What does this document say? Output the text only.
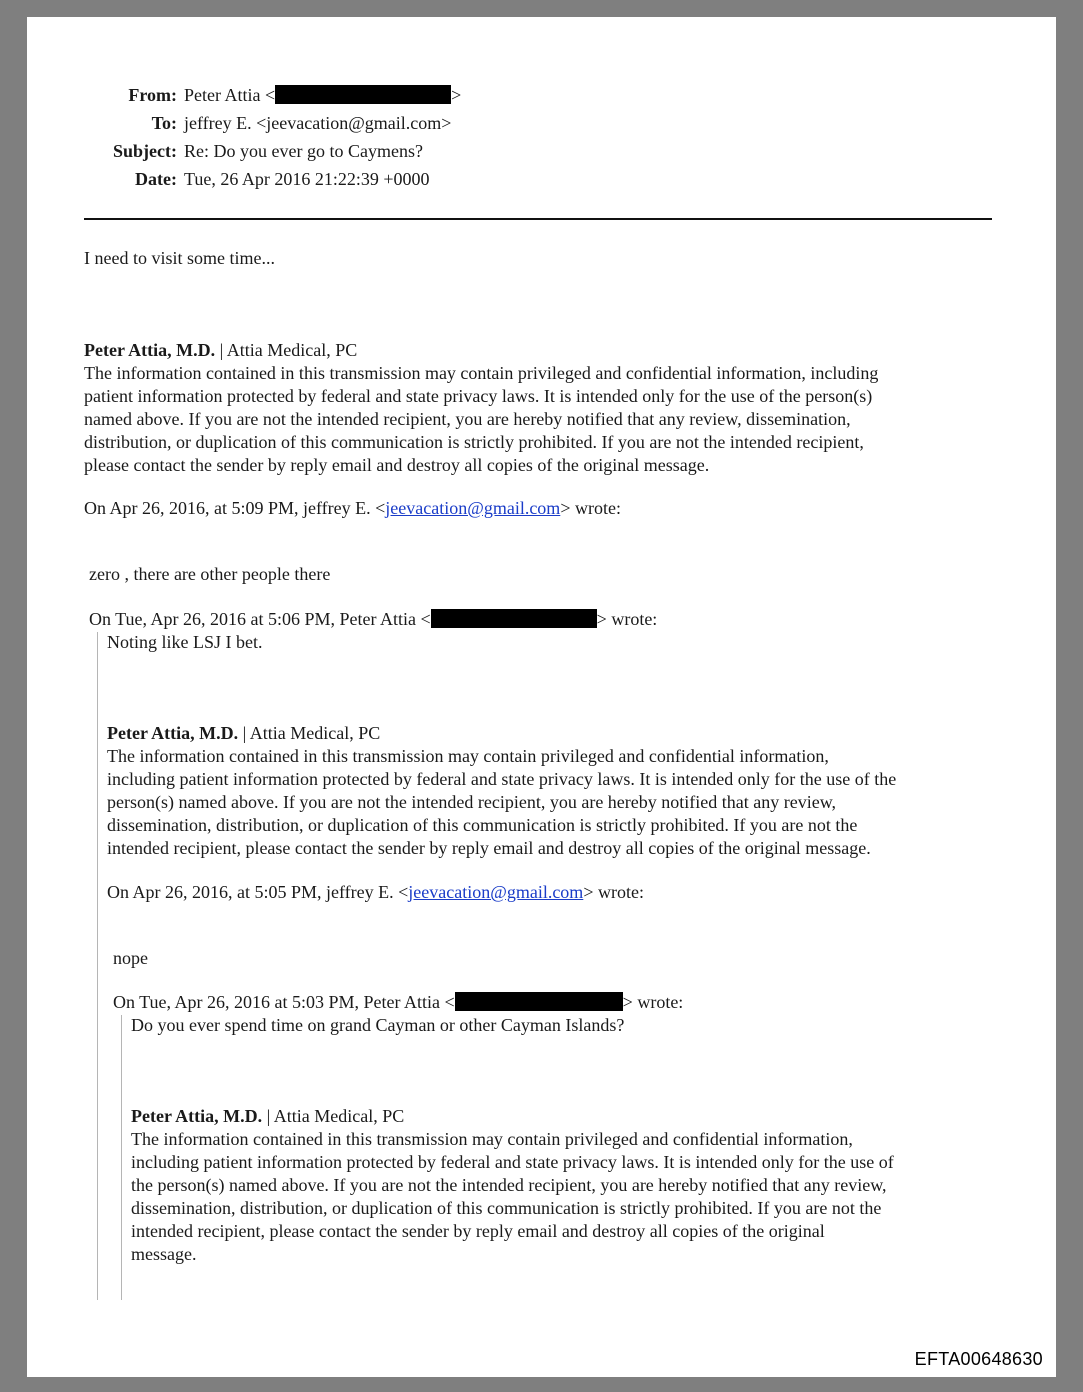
From: Peter Attia <	>
To: jeffrey E. <jeevacation@gmail.com>
Subject: Re: Do you ever go to Caymens?
Date: Tue, 26 Apr 2016 21:22:39 +0000
I need to visit some time...
Peter Attia, M.D. | Attia Medical, PC
The information contained in this transmission may contain privileged and confidential information, including
patient information protected by federal and state privacy laws. It is intended only for the use of the person(s)
named above. If you are not the intended recipient, you are hereby notified that any review, dissemination,
distribution, or duplication of this communication is strictly prohibited. If you are not the intended recipient,
please contact the sender by reply email and destroy all copies of the original message.
On Apr 26, 2016, at 5:09 PM, jeffrey E. <jeevacation@gmail.com> wrote:
zero , there are other people there
On Tue, Apr 26, 2016 at 5:06 PM, Peter Attia <	> wrote:
Noting like LSJ I bet.
Peter Attia, M.D. | Attia Medical, PC
The information contained in this transmission may contain privileged and confidential information,
including patient information protected by federal and state privacy laws. It is intended only for the use of the
person(s) named above. If you are not the intended recipient, you are hereby notified that any review,
dissemination, distribution, or duplication of this communication is strictly prohibited. If you are not the
intended recipient, please contact the sender by reply email and destroy all copies of the original message.
On Apr 26, 2016, at 5:05 PM, jeffrey E. <jeevacation@gmail.com> wrote:
nope
On Tue, Apr 26, 2016 at 5:03 PM, Peter Attia <	> wrote:
Do you ever spend time on grand Cayman or other Cayman Islands?
Peter Attia, M.D. | Attia Medical, PC
The information contained in this transmission may contain privileged and confidential information,
including patient information protected by federal and state privacy laws. It is intended only for the use of
the person(s) named above. If you are not the intended recipient, you are hereby notified that any review,
dissemination, distribution, or duplication of this communication is strictly prohibited. If you are not the
intended recipient, please contact the sender by reply email and destroy all copies of the original
message.
EFTA00648630
